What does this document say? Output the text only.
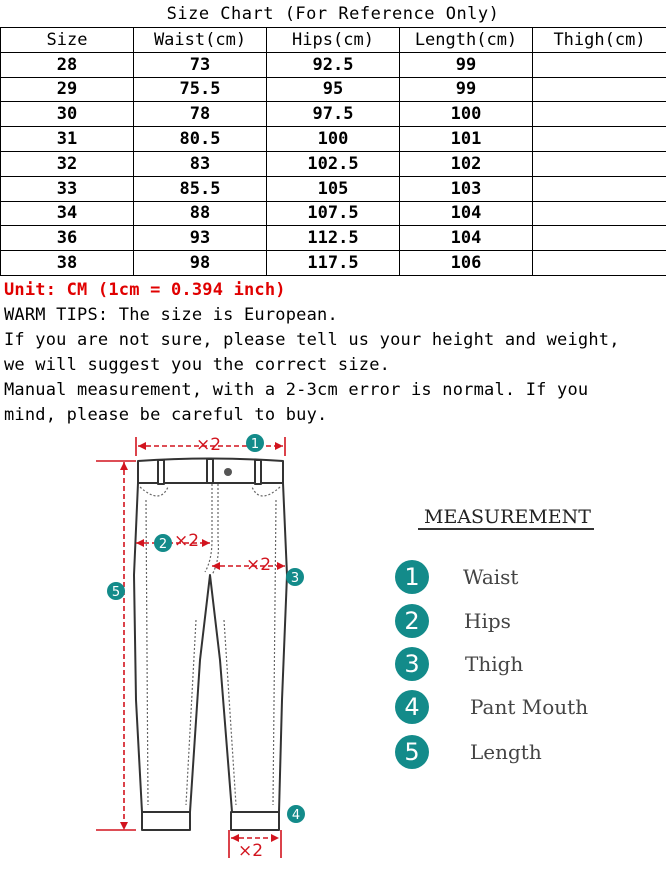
Size Chart (For Reference Only)
Size	Waist(cm)	Hips(cm)	Length(cm)	Thigh(cm)
28	73	92.5	99	
29	75.5	95	99	
30	78	97.5	100	
31	80.5	100	101	
32	83	102.5	102	
33	85.5	105	103	
34	88	107.5	104	
36	93	112.5	104	
38	98	117.5	106	
Unit: CM (1cm = 0.394 inch)
WARM TIPS: The size is European.
If you are not sure, please tell us your height and weight,
we will suggest you the correct size.
Manual measurement, with a 2-3cm error is normal. If you
mind, please be careful to buy.
×2
×2
×2
×2
1
2
3
4
5
MEASUREMENT
1	Waist
2	Hips
3	Thigh
4	Pant Mouth
5	Length
